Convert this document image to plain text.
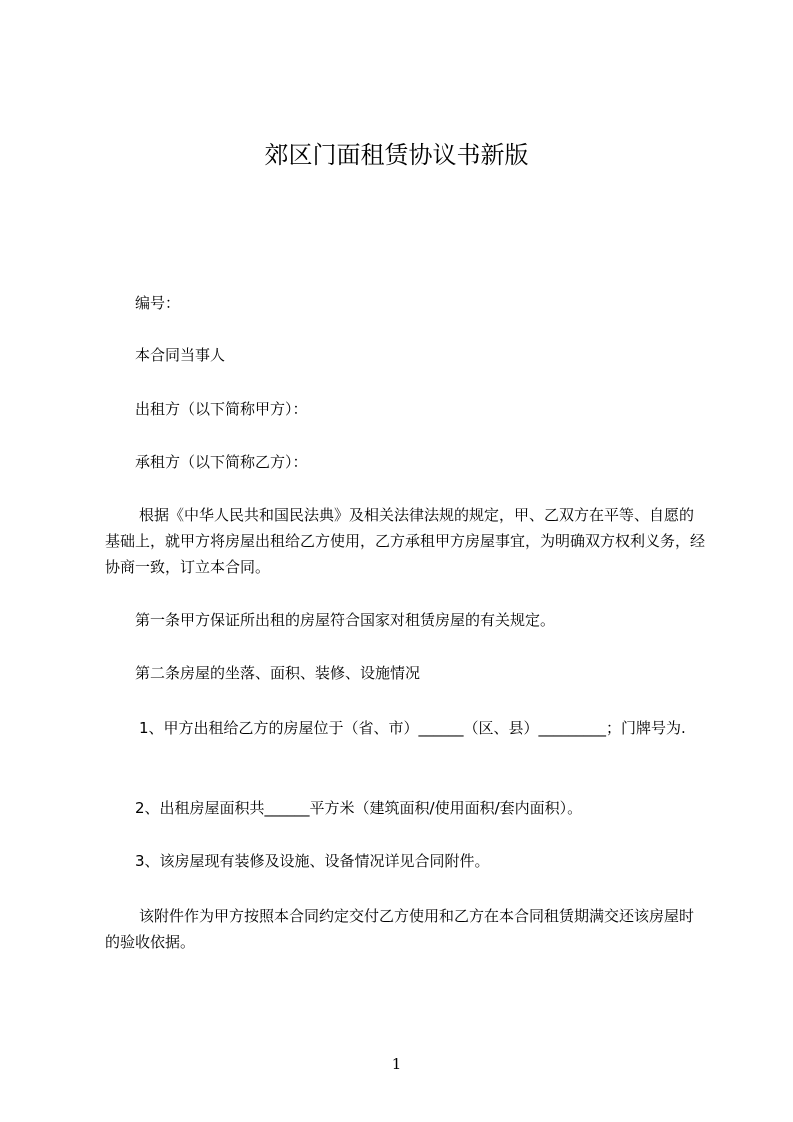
郊区门面租赁协议书新版
编号：
本合同当事人
出租方（以下简称甲方）：
承租方（以下简称乙方）：
根据《中华人民共和国民法典》及相关法律法规的规定，甲、乙双方在平等、自愿的基础上，就甲方将房屋出租给乙方使用，乙方承租甲方房屋事宜，为明确双方权利义务，经协商一致，订立本合同。
第一条甲方保证所出租的房屋符合国家对租赁房屋的有关规定。
第二条房屋的坐落、面积、装修、设施情况
1、甲方出租给乙方的房屋位于（省、市）______（区、县）_________；门牌号为.
2、出租房屋面积共______平方米（建筑面积/使用面积/套内面积）。
3、该房屋现有装修及设施、设备情况详见合同附件。
该附件作为甲方按照本合同约定交付乙方使用和乙方在本合同租赁期满交还该房屋时的验收依据。
1
